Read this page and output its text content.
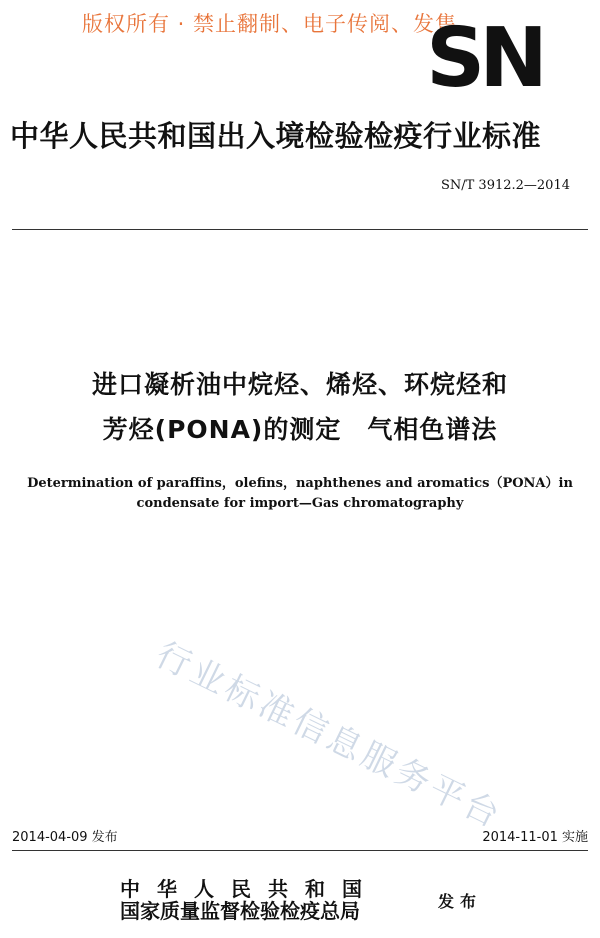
版权所有 · 禁止翻制、电子传阅、发售
SN
中华人民共和国出入境检验检疫行业标准
SN/T 3912.2—2014
进口凝析油中烷烃、烯烃、环烷烃和
芳烃(PONA)的测定　气相色谱法
Determination of paraffins，olefins，naphthenes and aromatics（PONA）in
condensate for import—Gas chromatography
行业标准信息服务平台
2014-04-09 发布	2014-11-01 实施
中华人民共和国
国家质量监督检验检疫总局	发布
